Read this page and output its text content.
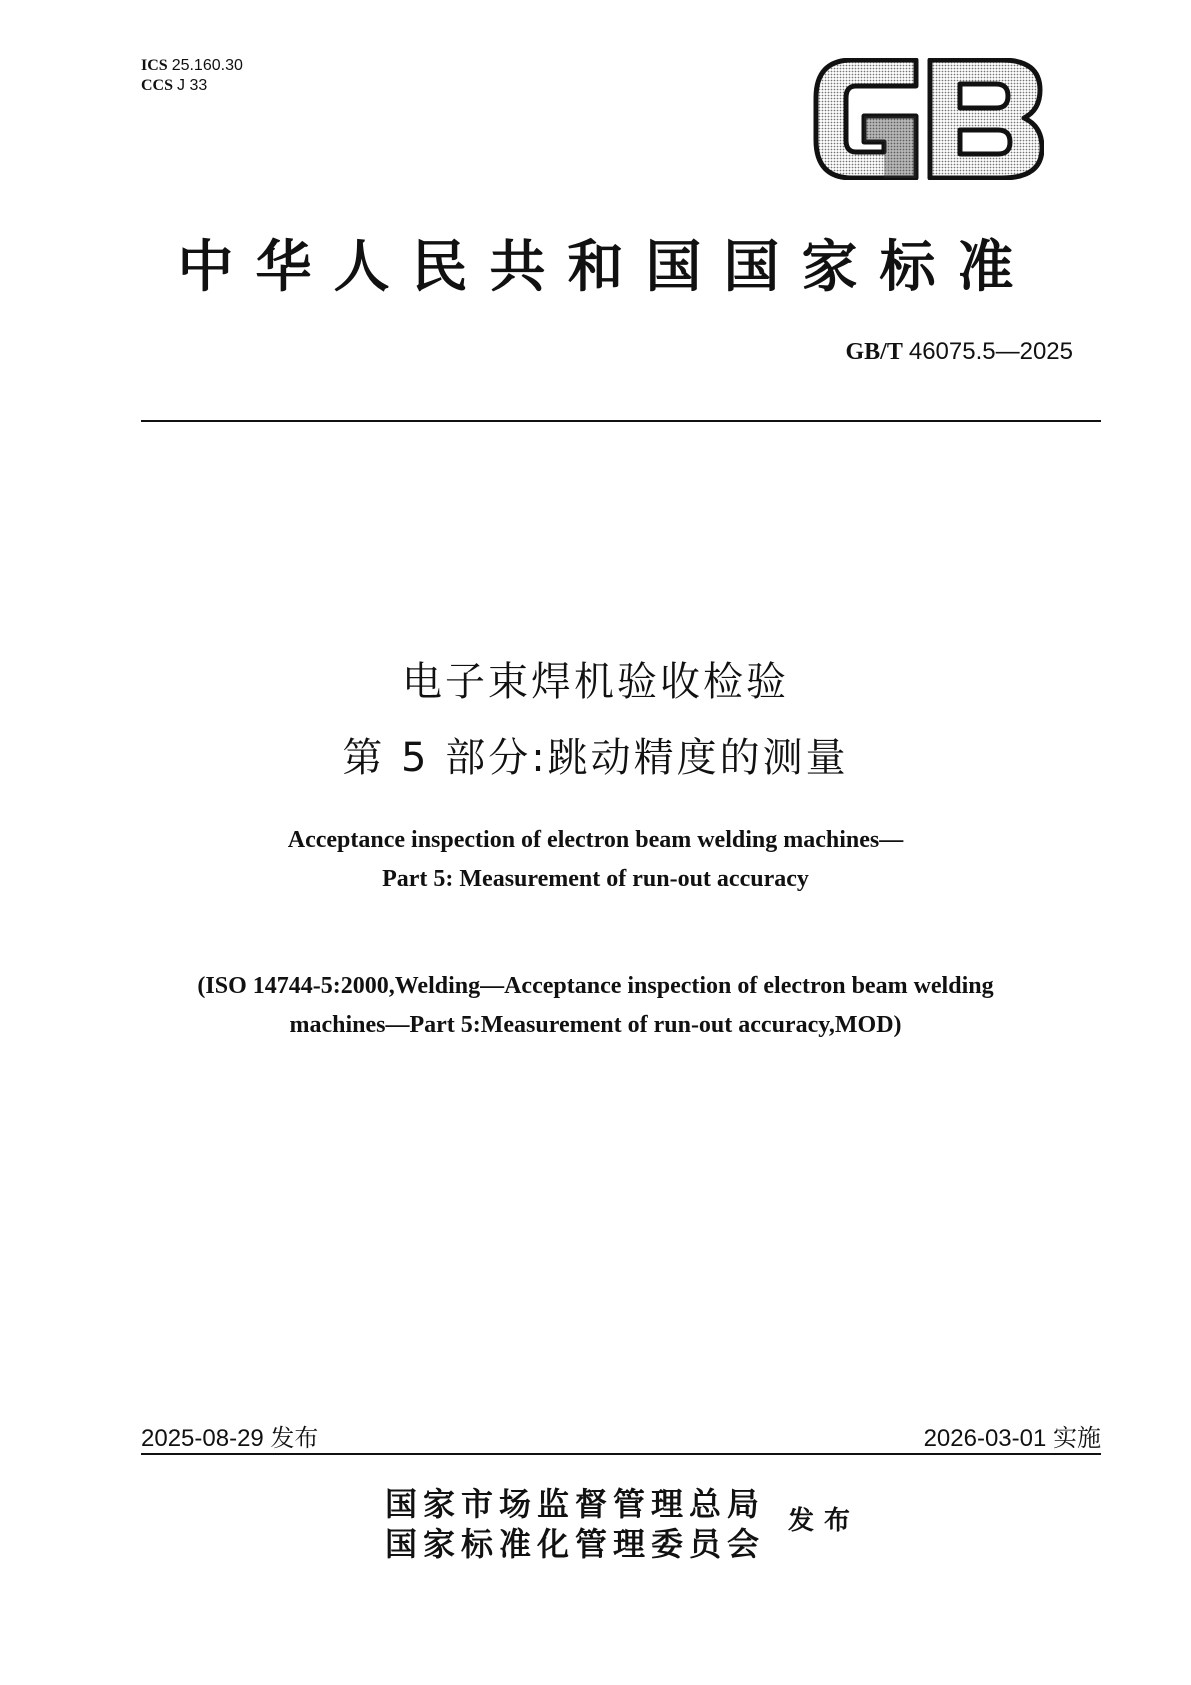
ICS 25.160.30
CCS J 33
中华人民共和国国家标准
GB/T 46075.5—2025
电子束焊机验收检验
第 5 部分:跳动精度的测量
Acceptance inspection of electron beam welding machines—
Part 5: Measurement of run-out accuracy
(ISO 14744-5:2000,Welding—Acceptance inspection of electron beam welding
machines—Part 5:Measurement of run-out accuracy,MOD)
2025-08-29 发布	2026-03-01 实施
国家市场监督管理总局
国家标准化管理委员会
发布
